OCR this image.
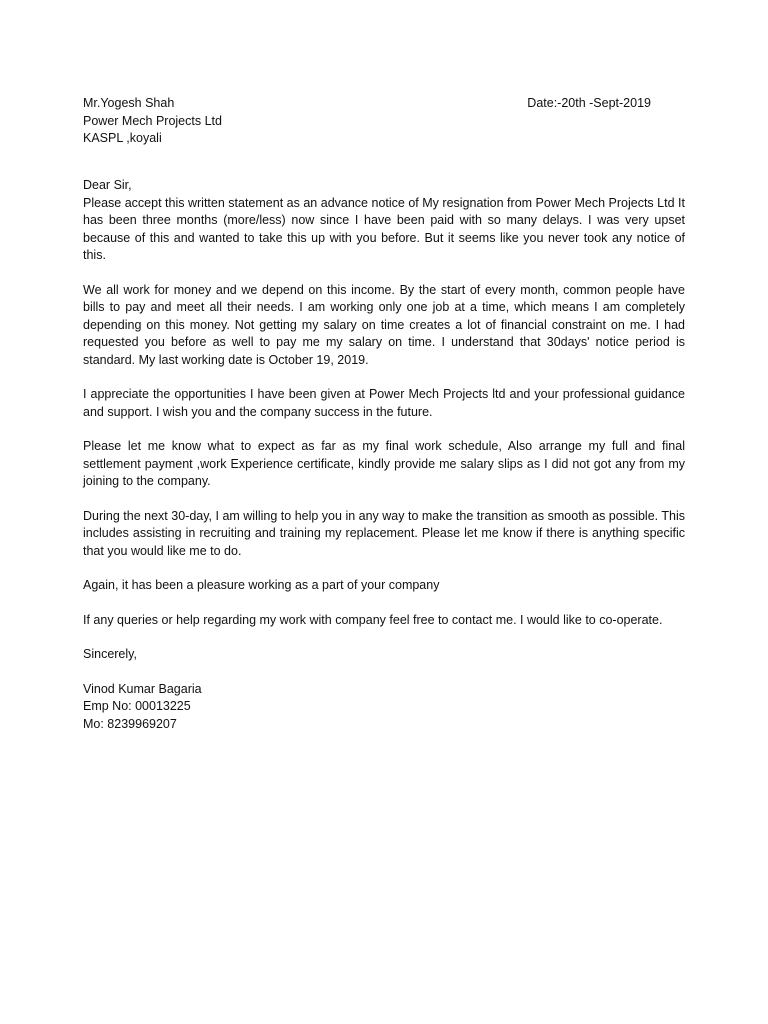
Mr.Yogesh Shah
Power Mech Projects Ltd
KASPL ,koyali
Date:-20th -Sept-2019
Dear Sir,

Please accept this written statement as an advance notice of My resignation from Power Mech Projects Ltd It has been three months (more/less) now since I have been paid with so many delays. I was very upset because of this and wanted to take this up with you before. But it seems like you never took any notice of this.

We all work for money and we depend on this income. By the start of every month, common people have bills to pay and meet all their needs. I am working only one job at a time, which means I am completely depending on this money. Not getting my salary on time creates a lot of financial constraint on me. I had requested you before as well to pay me my salary on time. I understand that 30days' notice period is standard. My last working date is October 19, 2019.

I appreciate the opportunities I have been given at Power Mech Projects ltd and your professional guidance and support. I wish you and the company success in the future.

Please let me know what to expect as far as my final work schedule, Also arrange my full and final settlement payment ,work Experience certificate, kindly provide me salary slips as I did not got any from my joining to the company.

During the next 30-day, I am willing to help you in any way to make the transition as smooth as possible. This includes assisting in recruiting and training my replacement. Please let me know if there is anything specific that you would like me to do.

Again, it has been a pleasure working as a part of your company

If any queries or help regarding my work with company feel free to contact me. I would like to co-operate.

Sincerely,

Vinod Kumar Bagaria
Emp No: 00013225
Mo: 8239969207
